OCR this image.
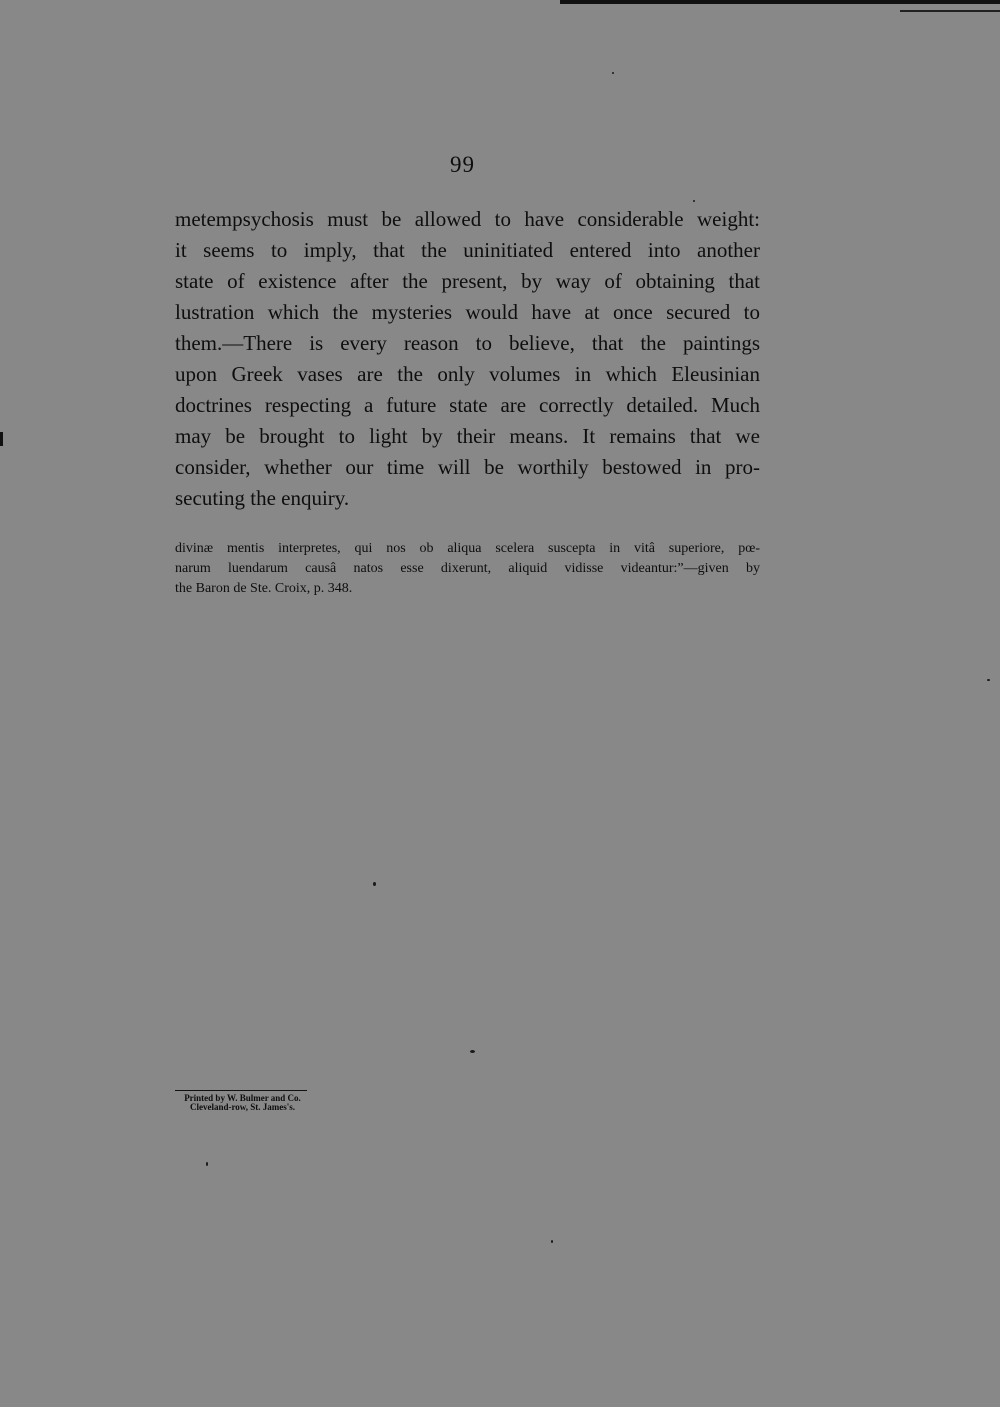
99
metempsychosis must be allowed to have considerable weight:
it seems to imply, that the uninitiated entered into another
state of existence after the present, by way of obtaining that
lustration which the mysteries would have at once secured to
them.—There is every reason to believe, that the paintings
upon Greek vases are the only volumes in which Eleusinian
doctrines respecting a future state are correctly detailed. Much
may be brought to light by their means. It remains that we
consider, whether our time will be worthily bestowed in pro-
secuting the enquiry.
divinæ mentis interpretes, qui nos ob aliqua scelera suscepta in vitâ superiore, pœ-
narum luendarum causâ natos esse dixerunt, aliquid vidisse videantur:”—given by
the Baron de Ste. Croix, p. 348.
Printed by W. Bulmer and Co.
Cleveland-row, St. James's.
